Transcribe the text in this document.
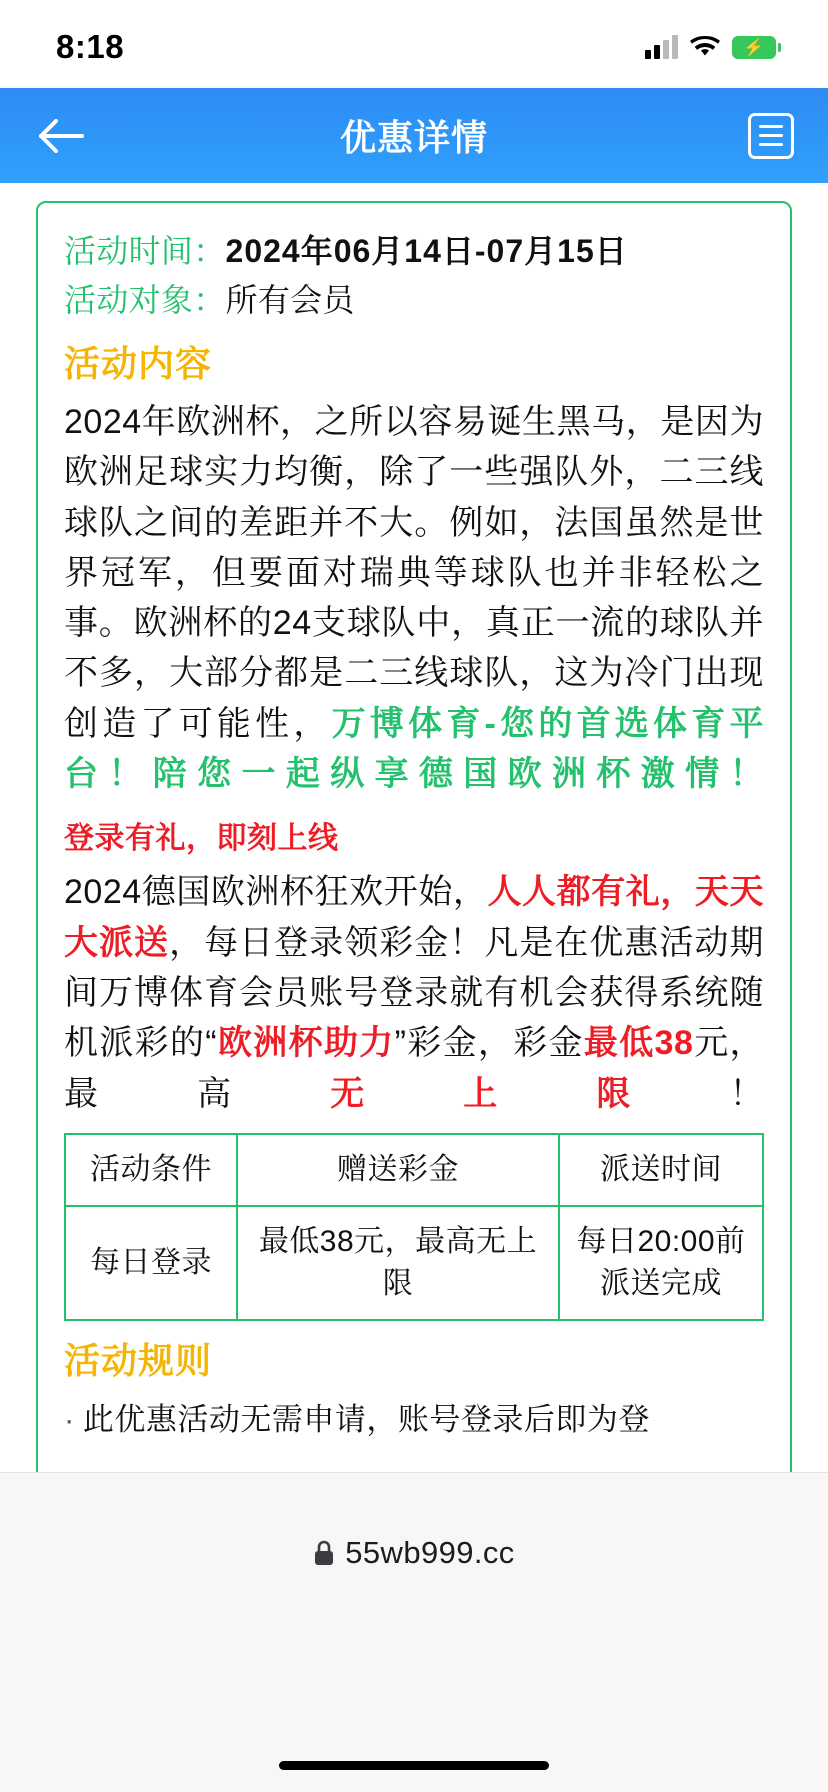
8:18	⚡
优惠详情
活动时间：2024年06月14日-07月15日
活动对象：所有会员
活动内容

2024年欧洲杯，之所以容易诞生黑马，是因为欧洲足球实力均衡，除了一些强队外，二三线球队之间的差距并不大。例如，法国虽然是世界冠军，但要面对瑞典等球队也并非轻松之事。欧洲杯的24支球队中，真正一流的球队并不多，大部分都是二三线球队，这为冷门出现创造了可能性，万博体育-您的首选体育平台！陪您一起纵享德国欧洲杯激情！

登录有礼，即刻上线

2024德国欧洲杯狂欢开始，人人都有礼，天天大派送，每日登录领彩金！凡是在优惠活动期间万博体育会员账号登录就有机会获得系统随机派彩的“欧洲杯助力”彩金，彩金最低38元，最高无上限！

活动条件	赠送彩金	派送时间
每日登录	最低38元，最高无上限	每日20:00前派送完成
活动规则
· 此优惠活动无需申请，账号登录后即为登
55wb999.cc
